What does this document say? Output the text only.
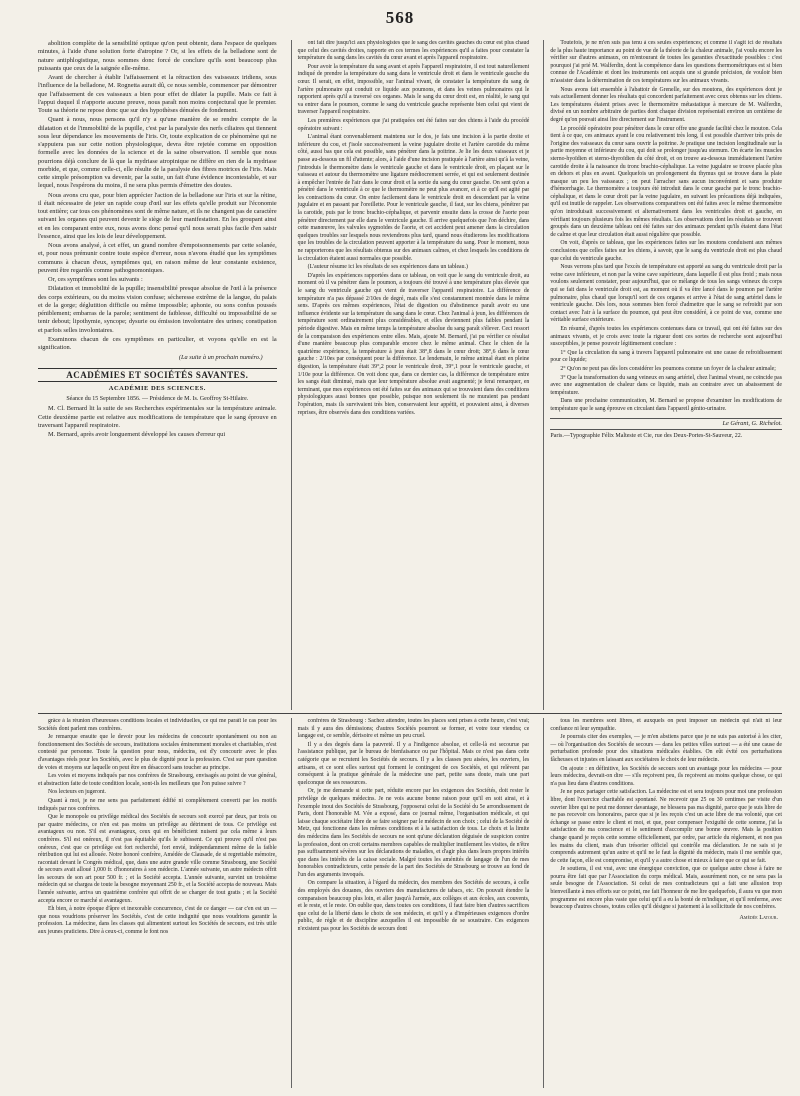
568

abolition complète de la sensibilité optique qu'on peut obtenir, dans l'espace de quelques minutes, à l'aide d'une solution forte d'atropine ? Or, si les effets de la belladone sont de nature antiphlogistique, nous sommes donc forcé de conclure qu'ils sont beaucoup plus puissants que ceux de la saignée elle-même.

Avant de chercher à établir l'affaissement et la rétraction des vaisseaux iridiens, sous l'influence de la belladone, M. Rognetta aurait dû, ce nous semble, commencer par démontrer que l'affaissement de ces vaisseaux a bien pour effet de dilater la pupille. Mais ce fait à l'appui duquel il n'apporte aucune preuve, nous paraît non moins conjectural que le premier. Toute sa théorie ne repose donc que sur des hypothèses dénuées de fondement.

Quant à nous, nous pensons qu'il n'y a qu'une manière de se rendre compte de la dilatation et de l'immobilité de la pupille, c'est par la paralysie des nerfs ciliaires qui tiennent sous leur dépendance les mouvements de l'iris. Or, toute explication de ce phénomène qui ne s'appuiera pas sur cette notion physiologique, devra être rejetée comme en opposition formelle avec les données de la science et de la saine observation. Il semble que nous pourrions déjà conclure de là que la mydriase atropinique ne diffère en rien de la mydriase morbide, et que, comme celle-ci, elle résulte de la paralysie des fibres motrices de l'iris. Mais cette simple présomption va devenir, par la suite, un fait d'une évidence incontestable, et sur lequel, nous l'espérons du moins, il ne sera plus permis d'émettre des doutes.

Nous avons cru que, pour bien apprécier l'action de la belladone sur l'iris et sur la rétine, il était nécessaire de jeter un rapide coup d'œil sur les effets qu'elle produit sur l'économie tout entière; car tous ces phénomènes sont de même nature, et ils ne changent pas de caractère suivant les organes qui peuvent devenir le siège de leur manifestation. En les groupant ainsi et en les comparant entre eux, nous avons donc pensé qu'il nous serait plus facile d'en saisir l'essence, ainsi que les lois de leur développement.

Nous avons analysé, à cet effet, un grand nombre d'empoisonnements par cette solanée, et, pour nous prémunir contre toute espèce d'erreur, nous n'avons étudié que les symptômes communs à chacun d'eux, symptômes qui, en raison même de leur constante existence, peuvent être regardés comme pathognomoniques.

Or, ces symptômes sont les suivants :

Dilatation et immobilité de la pupille; insensibilité presque absolue de l'œil à la présence des corps extérieurs, ou du moins vision confuse; sécheresse extrême de la langue, du palais et de la gorge; déglutition difficile ou même impossible; aphonie, ou sons confus poussés péniblement; embarras de la parole; sentiment de faiblesse, difficulté ou impossibilité de se tenir debout; lipothymie, syncope; dysurie ou émission involontaire des urines; constipation et parfois selles involontaires.

Examinons chacun de ces symptômes en particulier, et voyons qu'elle en est la signification.

(La suite à un prochain numéro.)
ACADÉMIES ET SOCIÉTÉS SAVANTES.
ACADÉMIE DES SCIENCES.
Séance du 15 Septembre 1856. — Présidence de M. Is. Geoffroy St-Hilaire.

M. Cl. Bernard lit la suite de ses Recherches expérimentales sur la température animale. Cette deuxième partie est relative aux modifications de température que le sang éprouve en traversant l'appareil respiratoire.

M. Bernard, après avoir longuement développé les causes d'erreur qui

ont fait dire jusqu'ici aux physiologistes que le sang des cavités gauches du cœur est plus chaud que celui des cavités droites, rapporte en ces termes les expériences qu'il a faites pour constater la température du sang dans les cavités du cœur avant et après l'appareil respiratoire.

Pour avoir la température du sang avant et après l'appareil respiratoire, il est tout naturellement indiqué de prendre la température du sang dans le ventricule droit et dans le ventricule gauche du cœur. Il serait, en effet, impossible, sur l'animal vivant, de constater la température du sang de l'artère pulmonaire qui conduit ce liquide aux poumons, et dans les veines pulmonaires qui le rapportent après qu'il a traversé ces organes. Mais le sang du cœur droit est, en réalité, le sang qui va entrer dans le poumon, comme le sang du ventricule gauche représente bien celui qui vient de traverser l'appareil respiratoire.

Les premières expériences que j'ai pratiquées ont été faites sur des chiens à l'aide du procédé opératoire suivant :

L'animal étant convenablement maintenu sur le dos, je fais une incision à la partie droite et inférieure du cou, et j'isole successivement la veine jugulaire droite et l'artère carotide du même côté, aussi bas que cela est possible, sans pénétrer dans la poitrine. Je lie les deux vaisseaux et je passe au-dessous un fil d'attente; alors, à l'aide d'une incision pratiquée à l'artère ainsi qu'à la veine, j'introduis le thermomètre dans le ventricule gauche et dans le ventricule droit, en plaçant sur le vaisseau et autour du thermomètre une ligature médiocrement serrée, et qui est seulement destinée à empêcher l'entrée de l'air dans le cœur droit et la sortie du sang du cœur gauche. On sent qu'on a pénétré dans le ventricule à ce que le thermomètre ne peut plus avancer, et à ce qu'il est agité par les contractions du cœur. On entre facilement dans le ventricule droit en descendant par la veine jugulaire et en passant par l'oreillette. Pour le ventricule gauche, il faut, sur les chiens, pénétrer par la carotide, puis par le tronc brachio-céphalique, et parvenir ensuite dans la crosse de l'aorte pour pénétrer directement par elle dans le ventricule gauche. Il arrive quelquefois que l'on déchire, dans cette manœuvre, les valvules sygmoïdes de l'aorte, et cet accident peut amener dans la circulation quelques troubles sur lesquels nous reviendrons plus tard, quand nous étudierons les modifications que les troubles de la circulation peuvent apporter à la température du sang. Pour le moment, nous ne rapporterons que les résultats obtenus sur des animaux calmes, et chez lesquels les conditions de la circulation étaient aussi normales que possible.

(L'auteur résume ici les résultats de ses expériences dans un tableau.)

D'après les expériences rapportées dans ce tableau, on voit que le sang du ventricule droit, au moment où il va pénétrer dans le poumon, a toujours été trouvé à une température plus élevée que le sang du ventricule gauche qui vient de traverser l'appareil respiratoire. La différence de température n'a pas dépassé 2/10es de degré, mais elle s'est constamment montrée dans le même sens. D'après ces mêmes expériences, l'état de digestion ou d'abstinence paraît avoir eu une influence évidente sur la température du sang dans le cœur. Chez l'animal à jeun, les différences de température sont ordinairement plus considérables, et elles deviennent plus faibles pendant la période digestive. Mais en même temps la température absolue du sang paraît s'élever. Ceci ressort de la comparaison des expériences entre elles. Mais, ajoute M. Bernard, j'ai pu vérifier ce résultat d'une manière beaucoup plus comparable encore chez le même animal. Chez le chien de la quatrième expérience, la température à jeun était 38°,8 dans le cœur droit; 38°,6 dans le cœur gauche : 2/10es par conséquent pour la différence. Le lendemain, le même animal étant en pleine digestion, la température était 39°,2 pour le ventricule droit, 39°,1 pour le ventricule gauche, et 1/10e pour la différence. On voit donc que, dans ce dernier cas, la différence de température entre les sangs était diminué, mais que leur température absolue avait augmenté; je ferai remarquer, en terminant, que mes expériences ont été faites sur des animaux qui se trouvaient dans des conditions physiologiques aussi bonnes que possible, puisque non seulement ils ne muraient pas pendant l'opération, mais ils survivaient très bien, conservaient leur appétit, et pouvaient ainsi, à diverses reprises, être observés dans des conditions variées.

Toutefois, je ne m'en suis pas tenu à ces seules expériences; et comme il s'agit ici de résultats de la plus haute importance au point de vue de la théorie de la chaleur animale, j'ai voulu encore les vérifier sur d'autres animaux, on m'entourant de toutes les garanties d'exactitude possibles : c'est pourquoi j'ai prié M. Walferdin, dont la compétence dans les questions thermométriques est si bien connue de l'Académie et dont les instruments ont acquis une si grande précision, de vouloir bien m'assister dans la détermination de ces températures sur les animaux vivants.

Nous avons fait ensemble à l'abattoir de Grenelle, sur des moutons, des expériences dont je vais actuellement donner les résultats qui concordent parfaitement avec ceux obtenus sur les chiens. Les températures étaient prises avec le thermomètre métastatique à mercure de M. Walferdin, divisé en un nombre arbitraire de parties dont chaque division représentait environ un centième de degré qu'on pouvait ainsi lire directement sur l'instrument.

Le procédé opératoire pour pénétrer dans le cœur offre une grande facilité chez le mouton. Cela tient à ce que, ces animaux ayant le cou relativement très long, il est possible d'arriver très près de l'origine des vaisseaux du cœur sans ouvrir la poitrine. Je pratique une incision longitudinale sur la partie moyenne et inférieure du cou, qui doit se prolonger jusqu'au sternum. On écarte les muscles sterno-hyoïdien et sterno-thyroïdien du côté droit, et on trouve au-dessous immédiatement l'artère carotide droite à la naissance du tronc brachio-céphalique. La veine jugulaire se trouve placée plus en dehors et plus en avant. Quelquefois un prolongement du thymus qui se trouve dans la plaie masque un peu les vaisseaux ; on peut l'arracher sans aucun inconvénient et sans produire d'hémorrhagie. Le thermomètre a toujours été introduit dans le cœur gauche par le tronc brachio-céphalique, et dans le cœur droit par la veine jugulaire, en suivant les précautions déjà indiquées, qu'il est inutile de rappeler. Les observations comparatives ont été faites avec le même thermomètre qu'on introduisait successivement et alternativement dans les ventricules droit et gauche, en vérifiant toujours plusieurs fois les mêmes résultats. Les observations dont les résultats se trouvent groupés dans un deuxième tableau ont été faites sur des animaux pendant qu'ils étaient dans l'état de calme et que leur circulation était aussi régulière que possible.

On voit, d'après ce tableau, que les expériences faites sur les moutons conduisent aux mêmes conclusions que celles faites sur les chiens, à savoir, que le sang du ventricule droit est plus chaud que celui du ventricule gauche.

Nous verrons plus tard que l'excès de température est apporté au sang du ventricule droit par la veine cave inférieure, et non par la veine cave supérieure, dans laquelle il est plus froid ; mais nous voulons seulement constater, pour aujourd'hui, que ce mélange de tous les sangs veineux du corps qui se fait dans le ventricule droit est, au moment où il va être lancé dans le poumon par l'artère pulmonaire, plus chaud que lorsqu'il sort de ces organes et arrive à l'état de sang artériel dans le ventricule gauche. Dès lors, nous sommes bien forcé d'admettre que le sang se refroidit par son contact avec l'air à la surface du poumon, qui peut être considéré, à ce point de vue, comme une véritable surface extérieure.

En résumé, d'après toutes les expériences contenues dans ce travail, qui ont été faites sur des animaux vivants, et je crois avec toute la rigueur dont ces sortes de recherche sont aujourd'hui susceptibles, je pense pouvoir légitimement conclure :

1° Que la circulation du sang à travers l'appareil pulmonaire est une cause de refroidissement pour ce liquide;

2° Qu'on ne peut pas dès lors considérer les poumons comme un foyer de la chaleur animale;

3° Que la transformation du sang veineux en sang artériel, chez l'animal vivant, ne coïncide pas avec une augmentation de chaleur dans ce liquide, mais au contraire avec un abaissement de température.

Dans une prochaine communication, M. Bernard se propose d'examiner les modifications de température que le sang éprouve en circulant dans l'appareil génito-urinaire.

Le Gérant, G. Richelot.
Paris.—Typographie Félix Malteste et Cie, rue des Deux-Portes-St-Sauveur, 22.

grâce à la réunion d'heureuses conditions locales et individuelles, ce qui me paraît le cas pour les Sociétés dont parlent mes confrères.

Je remarque ensuite que le devoir pour les médecins de concourir spontanément ou non au fonctionnement des Sociétés de secours, institutions sociales éminemment morales et charitables, n'est contesté par personne. Toute la question pour nous, médecins, est d'y concourir avec le plus d'avantages réels pour les Sociétés, avec le plus de dignité pour la profession. C'est sur pure question de voies et moyens sur laquelle on peut être en désaccord sans toucher au principe.

Les voies et moyens indiqués par nos confrères de Strasbourg, envisagés au point de vue général, et abstraction faite de toute condition locale, sont-ils les meilleurs que l'on puisse suivre ?

Nos lecteurs en jugeront.

Quant à moi, je ne me sens pas parfaitement édifié ni complètement converti par les motifs indiqués par nos confrères.

Que le monopole ou privilège médical des Sociétés de secours soit exercé par deux, par trois ou par quatre médecins, ce n'en est pas moins un privilège au détriment de tous. Ce privilège est avantageux ou non. S'il est avantageux, ceux qui en bénéficient nuisent par cela même à leurs confrères. S'il est onéreux, il n'est pas équitable qu'ils le subissent. Ce qui prouve qu'il n'est pas onéreux, c'est que ce privilège est fort recherché, fort envié, indépendamment même de la faible rétribution qui lui est allouée. Notre honoré confrère, Amédée de Clausade, de si regrettable mémoire, racontait devant le Congrès médical, que, dans une autre grande ville comme Strasbourg, une Société de secours avait alloué 1,000 fr. d'honoraires à son médecin. L'année suivante, un autre médecin offrit les secours de son art pour 500 fr. ; et la Société accepta. L'année suivante, survint un troisième médecin qui se chargea de toute la besogne moyennant 250 fr., et la Société accepta de nouveau. Mais l'année suivante, arriva un quatrième confrère qui offrit de se charger de tout gratis ; et la Société accepta encore ce marché si avantageux.

Eh bien, à notre époque d'âpre et inexorable concurrence, c'est de ce danger — car c'en est un — que nous voudrions préserver les Sociétés, c'est de cette indignité que nous voudrions garantir la profession. La médecine, dans les classes qui alimentent surtout les Sociétés de secours, est très utile aux jeunes praticiens. Dire à ceux-ci, comme le font nos

confrères de Strasbourg : Sachez attendre, toutes les places sont prises à cette heure, c'est vrai; mais il y aura des démissions; d'autres Sociétés pourront se former, et votre tour viendra; ce langage est, ce semble, dérisoire et même un peu cruel.

Il y a des degrés dans la pauvreté. Il y a l'indigence absolue, et celle-là est secourue par l'assistance publique, par le bureau de bienfaisance ou par l'hôpital. Mais ce n'est pas dans cette catégorie que se recrutent les Sociétés de secours. Il y a les classes peu aisées, les ouvriers, les artisans, et ce sont elles surtout qui forment le contingent de ces Sociétés, et qui relèvent par conséquent à la pratique générale de la médecine une part, petite sans doute, mais une part quelconque de ses ressources.

Or, je me demande si cette part, réduite encore par les exigences des Sociétés, doit rester le privilège de quelques médecins. Je ne vois aucune bonne raison pour qu'il en soit ainsi, et à l'exemple inoui des Sociétés de Strasbourg, j'opposerai celui de la Société du 5e arrondissement de Paris, dont l'honorable M. Vée a exposé, dans ce journal même, l'organisation médicale, et qui laisse chaque sociétaire libre de se faire soigner par le médecin de son choix ; celui de la Société de Metz, qui fonctionne dans les mêmes conditions et à la satisfaction de tous. Le choix et la limite des médecins dans les Sociétés de secours ne sont qu'une déclaration déguisée de suspicion contre la profession, dont on croit certains membres capables de multiplier inutilement les visites, de n'être pas suffisamment sévères sur les déclarations de maladies, et d'agir plus dans leurs propres intérêts que dans les intérêts de la caisse sociale. Malgré toutes les aménités de langage de l'un de mes honorables contradicteurs, cette pensée de la part des Sociétés de Strasbourg se trouve au fond de l'un des arguments invoqués.

On compare la situation, à l'égard du médecin, des membres des Sociétés de secours, à celle des employés des douanes, des ouvriers des manufactures de tabacs, etc. On pouvait étendre la comparaison beaucoup plus loin, et aller jusqu'à l'armée, aux collèges et aux écoles, aux couvents, et le reste, et le reste. On oublie que, dans toutes ces conditions, il faut faire bien d'autres sacrifices que celui de la liberté dans le choix de son médecin, et qu'il y a d'impérieuses exigences d'ordre public, de règle et de discipline auxquelles il est impossible de se soustraire. Ces exigences n'existent pas pour les Sociétés de secours dont

tous les membres sont libres, et auxquels on peut imposer un médecin qui n'ait ni leur confiance ni leur sympathie.

Je pourrais citer des exemples, — je m'en abstiens parce que je ne suis pas autorisé à les citer, — où l'organisation des Sociétés de secours — dans les petites villes surtout — a été une cause de perturbation profonde pour des situations médicales établies. On eût évité ces perturbations fâcheuses et injustes en laissant aux sociétaires le choix de leur médecin.

On ajoute : en définitive, les Sociétés de secours sont un avantage pour les médecins — pour leurs médecins, devrait-on dire — s'ils reçoivent peu, ils reçoivent au moins quelque chose, ce qui n'a pas lieu dans d'autres conditions.

Je ne peux partager cette satisfaction. La médecine est et sera toujours pour moi une profession libre, dont l'exercice charitable est spontané. Ne recevoir que 25 ou 30 centimes par visite d'un ouvrier libre qui ne peut me donner davantage, ne blessera pas ma dignité, parce que je suis libre de ne pas recevoir ces honoraires, parce que si je les reçois c'est un acte libre de ma volonté, que cet échange se passe entre le client et moi, et que, pour compenser l'exiguïté de cette somme, j'ai la satisfaction de ma conscience et le sentiment d'accomplir une bonne œuvre. Mais la position change quand je reçois cette somme officiellement, par ordre, par article du règlement, et non pas les mains du client, mais d'un trésorier officiel qui contrôle ma déclaration. Je ne sais si je comprends autrement qu'un autre et qu'il ne le faut la dignité du médecin, mais il me semble que, de cette façon, elle est compromise, et qu'il y a autre chose et mieux à faire que ce qui se fait.

Je soutiens, il est vrai, avec une énergique conviction, que ce quelque autre chose à faire ne pourra être fait que par l'Association du corps médical. Mais, assurément non, ce ne sera pas la seule besogne de l'Association. Si celui de mes contradicteurs qui a fait une allusion trop bienveillante à mes efforts sur ce point, me fait l'honneur de me lire quelquefois, il aura vu que mon programme est encore plus vaste que celui qu'il a eu la bonté de m'indiquer, et qu'il renferme, avec beaucoup d'autres choses, toutes celles qu'il désigne si justement à la sollicitude de nos confrères.

Amédée Latour.
